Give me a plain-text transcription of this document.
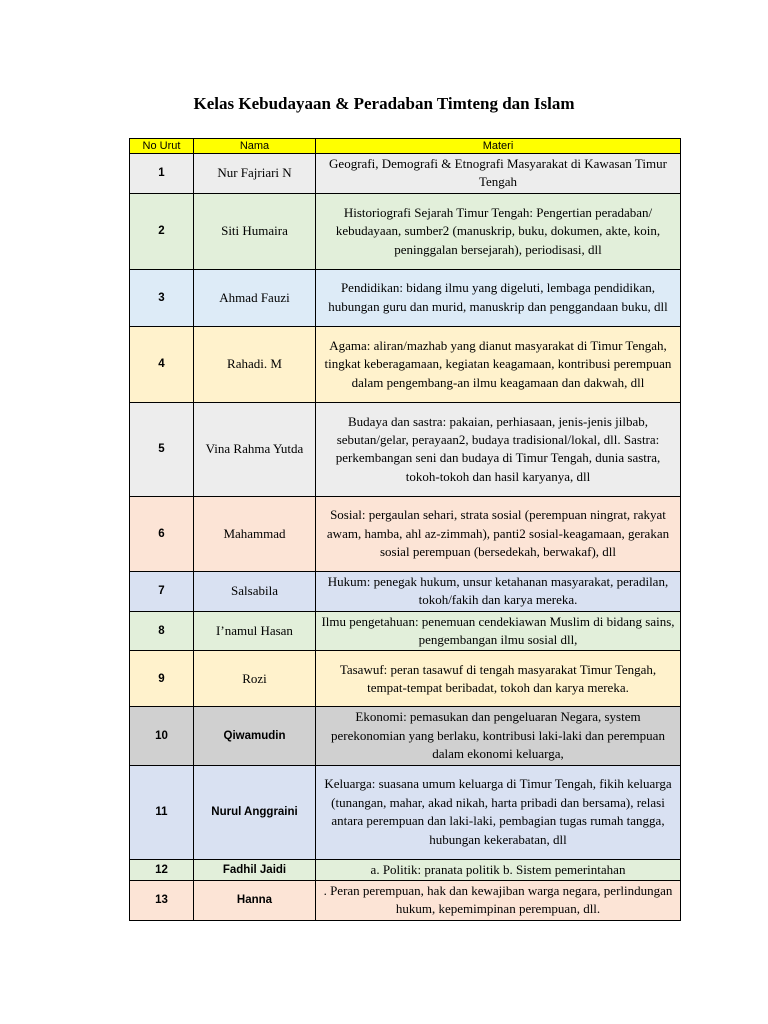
Kelas Kebudayaan & Peradaban Timteng dan Islam
No Urut	Nama	Materi
1	Nur Fajriari N	Geografi, Demografi & Etnografi Masyarakat di Kawasan Timur Tengah
2	Siti Humaira	Historiografi Sejarah Timur Tengah: Pengertian peradaban/ kebudayaan, sumber2 (manuskrip, buku, dokumen, akte, koin, peninggalan bersejarah), periodisasi, dll
3	Ahmad Fauzi	Pendidikan: bidang ilmu yang digeluti, lembaga pendidikan, hubungan guru dan murid, manuskrip dan penggandaan buku, dll
4	Rahadi. M	Agama: aliran/mazhab yang dianut masyarakat di Timur Tengah, tingkat keberagamaan, kegiatan keagamaan, kontribusi perempuan dalam pengembang-an ilmu keagamaan dan dakwah, dll
5	Vina Rahma Yutda	Budaya dan sastra: pakaian, perhiasaan, jenis-jenis jilbab, sebutan/gelar, perayaan2, budaya tradisional/lokal, dll. Sastra: perkembangan seni dan budaya di Timur Tengah, dunia sastra, tokoh-tokoh dan hasil karyanya, dll
6	Mahammad	Sosial: pergaulan sehari, strata sosial (perempuan ningrat, rakyat awam, hamba, ahl az-zimmah), panti2 sosial-keagamaan, gerakan sosial perempuan (bersedekah, berwakaf), dll
7	Salsabila	Hukum: penegak hukum, unsur ketahanan masyarakat, peradilan, tokoh/fakih dan karya mereka.
8	I’namul Hasan	Ilmu pengetahuan: penemuan cendekiawan Muslim di bidang sains, pengembangan ilmu sosial dll,
9	Rozi	Tasawuf: peran tasawuf di tengah masyarakat Timur Tengah, tempat-tempat beribadat, tokoh dan karya mereka.
10	Qiwamudin	Ekonomi: pemasukan dan pengeluaran Negara, system perekonomian yang berlaku, kontribusi laki-laki dan perempuan dalam ekonomi keluarga,
11	Nurul Anggraini	Keluarga: suasana umum keluarga di Timur Tengah, fikih keluarga (tunangan, mahar, akad nikah, harta pribadi dan bersama), relasi antara perempuan dan laki-laki, pembagian tugas rumah tangga, hubungan kekerabatan, dll
12	Fadhil Jaidi	a. Politik: pranata politik b. Sistem pemerintahan
13	Hanna	. Peran perempuan, hak dan kewajiban warga negara, perlindungan hukum, kepemimpinan perempuan, dll.
